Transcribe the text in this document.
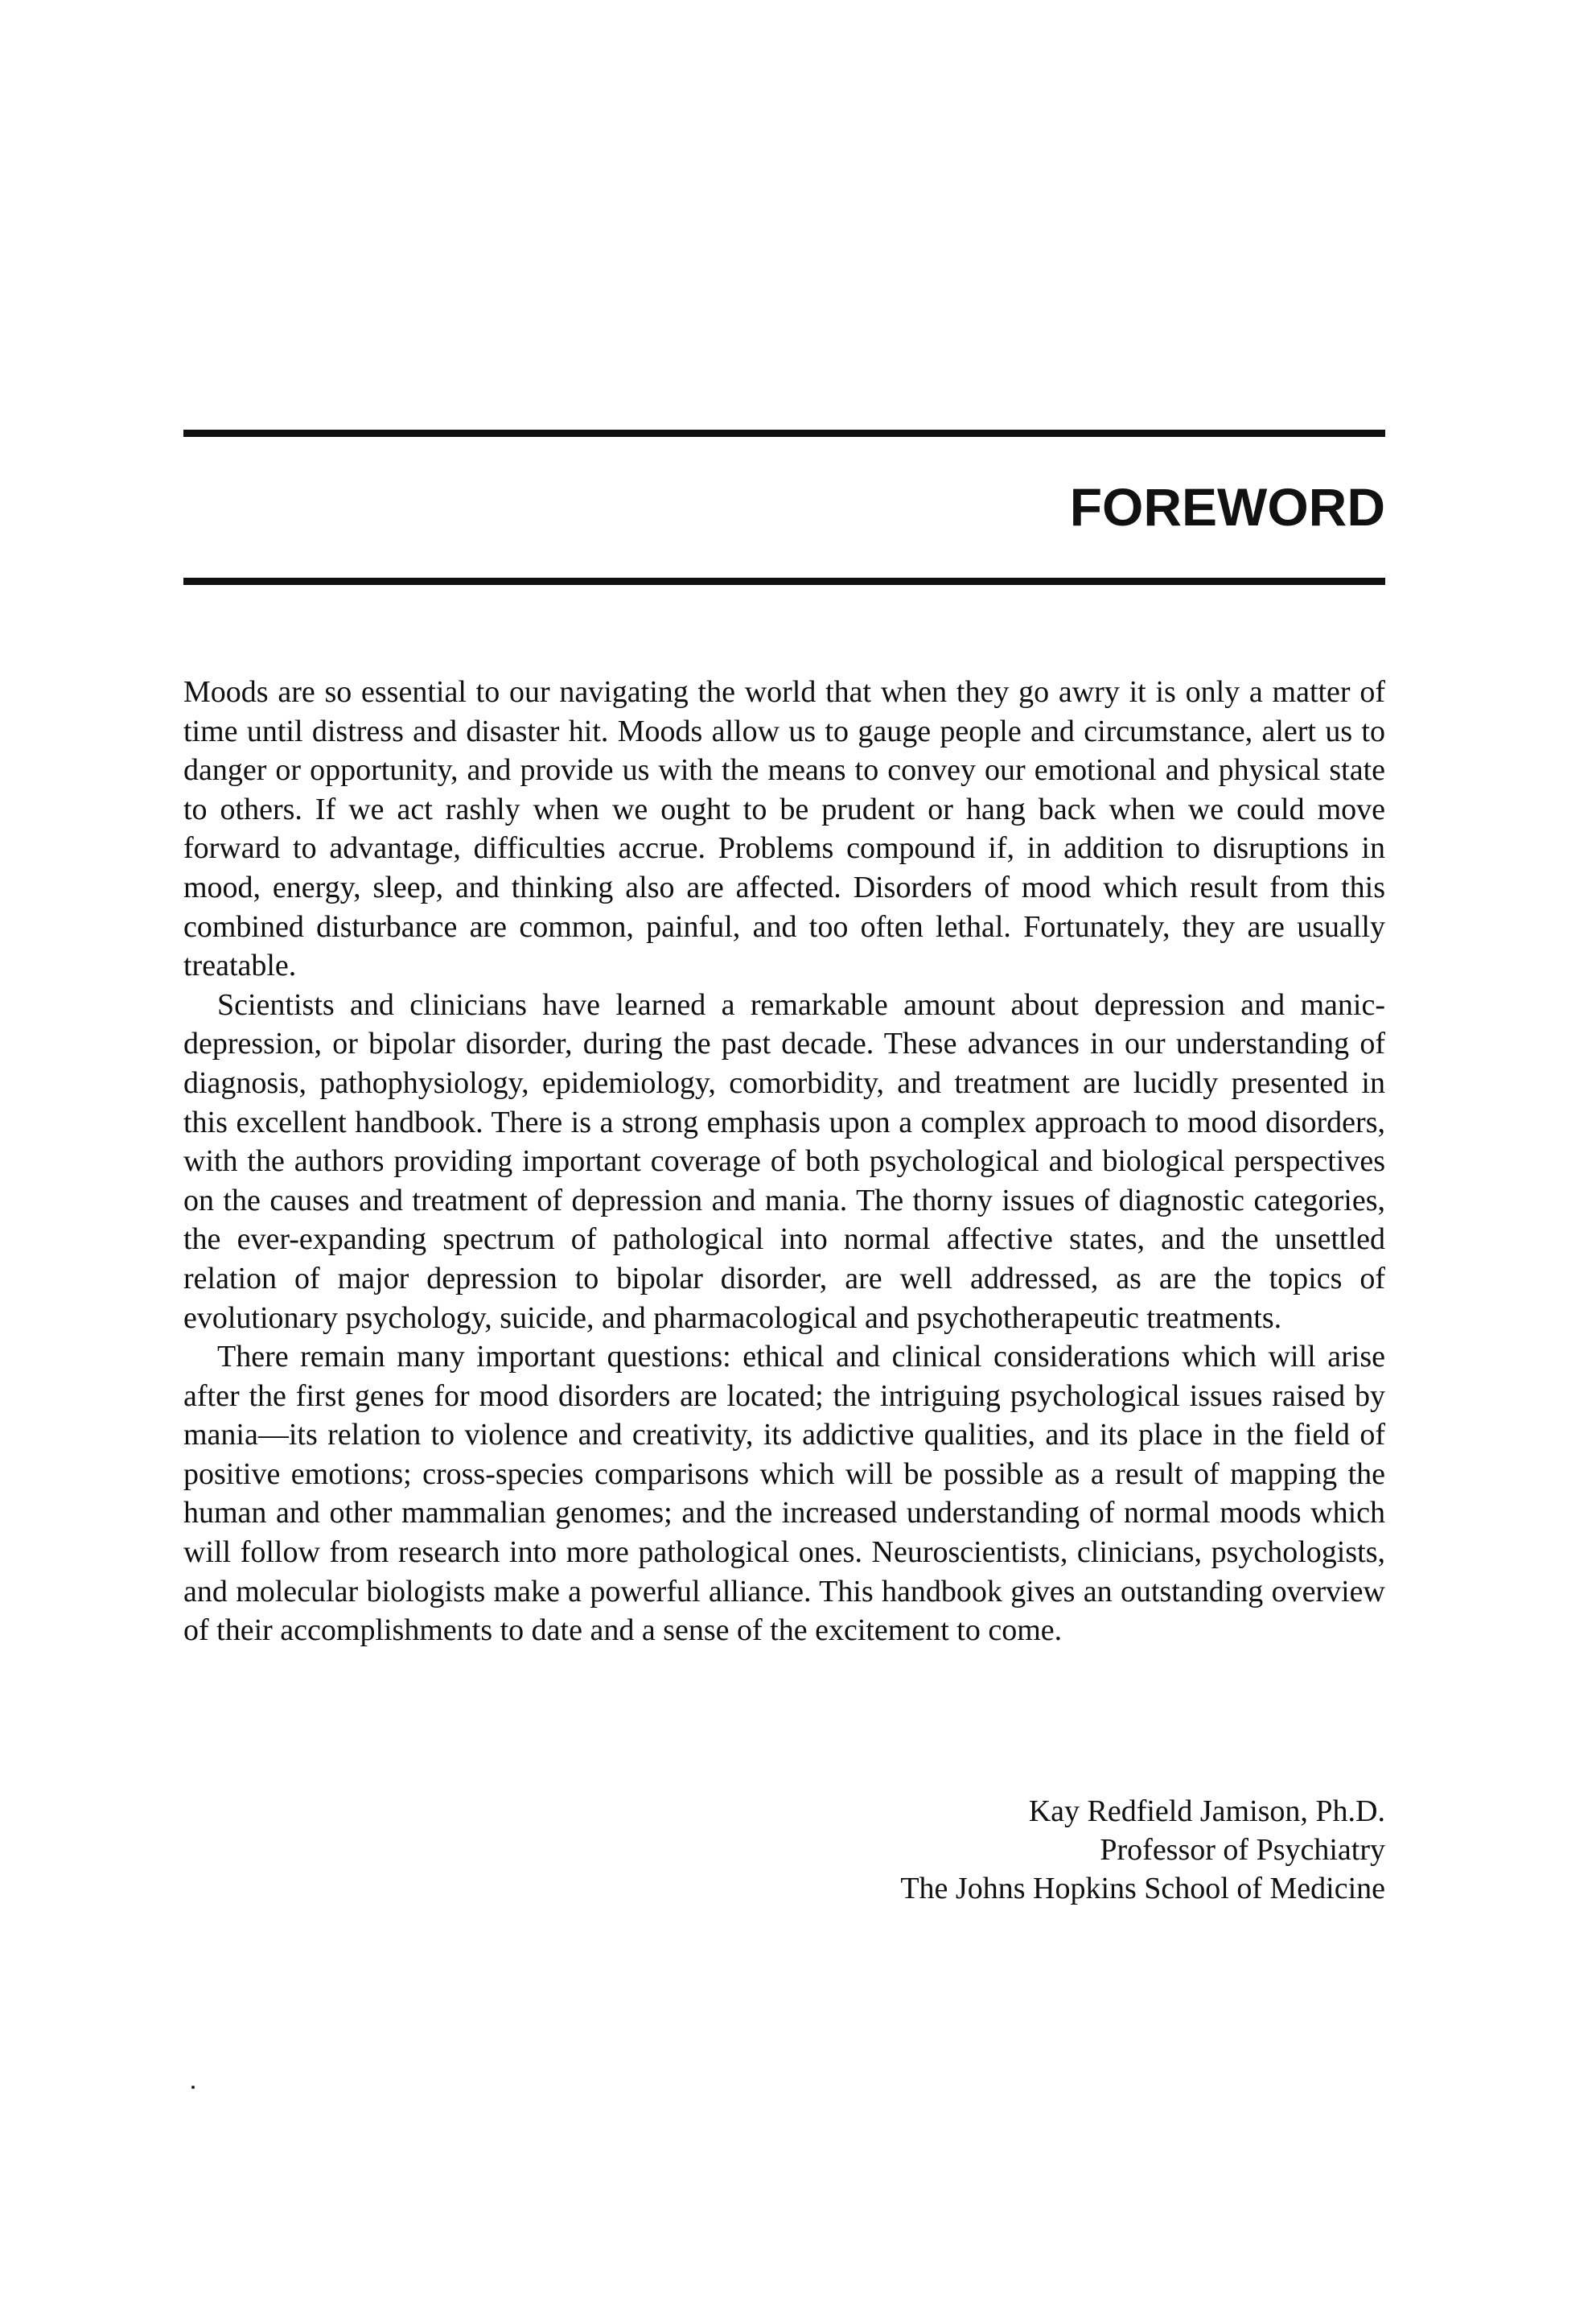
FOREWORD

Moods are so essential to our navigating the world that when they go awry it is only a matter of time until distress and disaster hit. Moods allow us to gauge people and circumstance, alert us to danger or opportunity, and provide us with the means to convey our emotional and physical state to others. If we act rashly when we ought to be prudent or hang back when we could move forward to advantage, difficulties accrue. Problems compound if, in addition to disruptions in mood, energy, sleep, and thinking also are affected. Disorders of mood which result from this combined disturbance are common, painful, and too often lethal. Fortunately, they are usually treatable.

Scientists and clinicians have learned a remarkable amount about depression and manic-depression, or bipolar disorder, during the past decade. These advances in our understanding of diagnosis, pathophysiology, epidemiology, comorbidity, and treatment are lucidly presented in this excellent handbook. There is a strong emphasis upon a complex approach to mood disorders, with the authors providing important coverage of both psychological and biological perspectives on the causes and treatment of depression and mania. The thorny issues of diagnostic categories, the ever-expanding spectrum of pathological into normal affective states, and the unsettled relation of major depression to bipolar disorder, are well addressed, as are the topics of evolutionary psychology, suicide, and pharmacological and psychotherapeutic treatments.

There remain many important questions: ethical and clinical considerations which will arise after the first genes for mood disorders are located; the intriguing psychological issues raised by mania—its relation to violence and creativity, its addictive qualities, and its place in the field of positive emotions; cross-species comparisons which will be possible as a result of mapping the human and other mammalian genomes; and the increased understanding of normal moods which will follow from research into more pathological ones. Neuroscientists, clinicians, psychologists, and molecular biologists make a powerful alliance. This handbook gives an outstanding overview of their accomplishments to date and a sense of the excitement to come.

Kay Redfield Jamison, Ph.D.
Professor of Psychiatry
The Johns Hopkins School of Medicine
